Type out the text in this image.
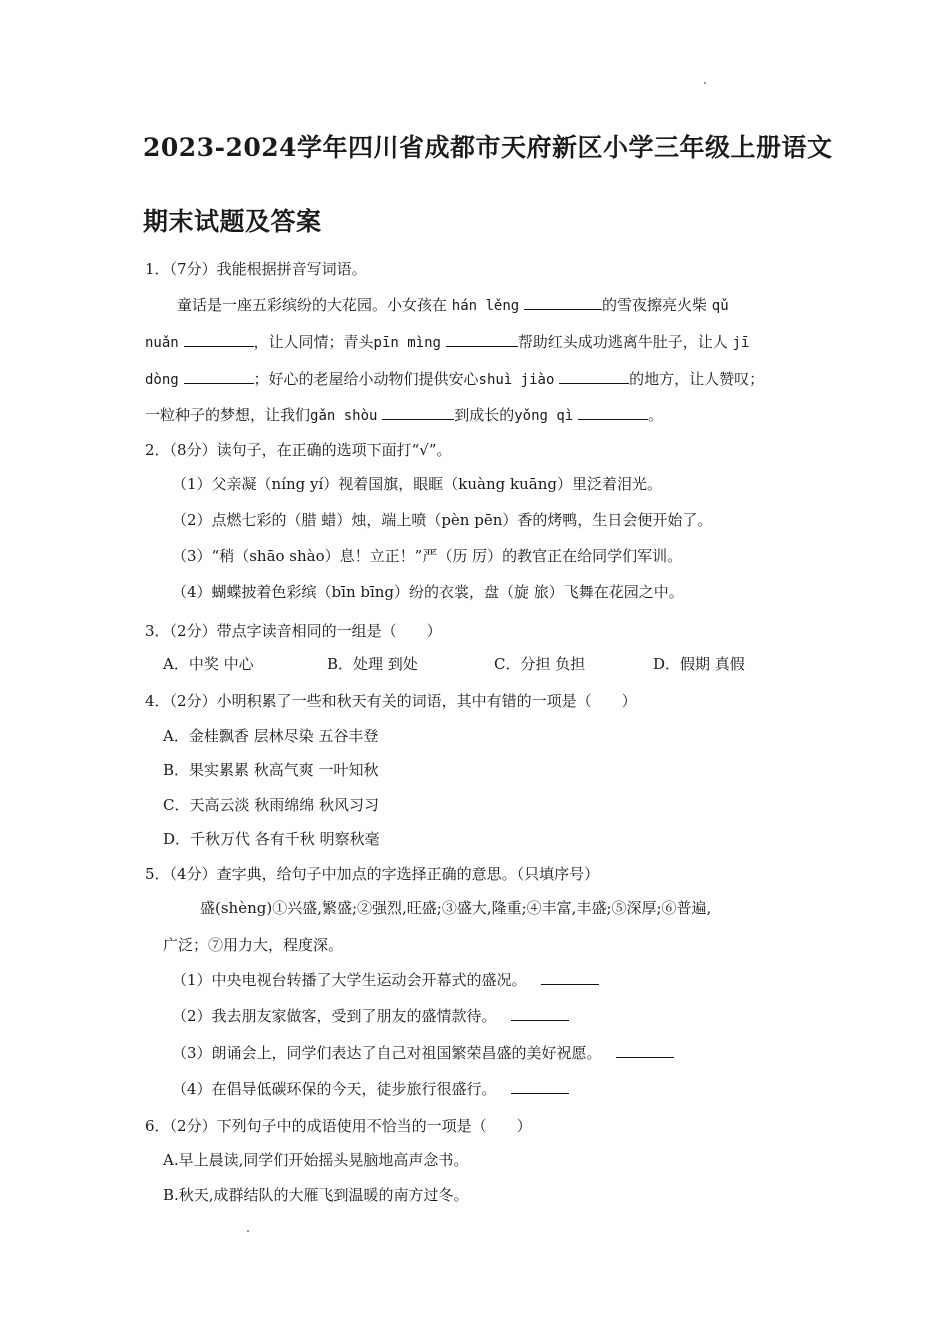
2023-2024学年四川省成都市天府新区小学三年级上册语文
期末试题及答案
1．（7分）我能根据拼音写词语。
童话是一座五彩缤纷的大花园。小女孩在 hán lěng	的雪夜擦亮火柴 qǔ
nuǎn	，让人同情；青头pīn mìng	帮助红头成功逃离牛肚子，让人 jī
dòng	；好心的老屋给小动物们提供安心shuì jiào	的地方，让人赞叹；
一粒种子的梦想，让我们gǎn shòu	到成长的yǒng qì	。
2．（8分）读句子，在正确的选项下面打“√”。
（1）父亲凝（níng yí）视着国旗，眼眶（kuàng kuāng）里泛着泪光。
（2）点燃七彩的（腊 蜡）烛，端上喷（pèn pēn）香的烤鸭，生日会便开始了。
（3）“稍（shāo shào）息！立正！”严（历 厉）的教官正在给同学们军训。
（4）蝴蝶披着色彩缤（bīn bīng）纷的衣裳，盘（旋 旅）飞舞在花园之中。
3．（2分）带点字读音相同的一组是（　　）
A．中奖 中心	B．处理 到处	C．分担 负担	D．假期 真假
4．（2分）小明积累了一些和秋天有关的词语，其中有错的一项是（　　）
A．金桂飘香 层林尽染 五谷丰登
B．果实累累 秋高气爽 一叶知秋
C．天高云淡 秋雨绵绵 秋风习习
D．千秋万代 各有千秋 明察秋毫
5．（4分）查字典，给句子中加点的字选择正确的意思。（只填序号）
盛(shèng)①兴盛,繁盛;②强烈,旺盛;③盛大,隆重;④丰富,丰盛;⑤深厚;⑥普遍,
广泛；⑦用力大，程度深。
（1）中央电视台转播了大学生运动会开幕式的盛况。
（2）我去朋友家做客，受到了朋友的盛情款待。
（3）朗诵会上，同学们表达了自己对祖国繁荣昌盛的美好祝愿。
（4）在倡导低碳环保的今天，徒步旅行很盛行。
6．（2分）下列句子中的成语使用不恰当的一项是（　　）
A.早上晨读,同学们开始摇头晃脑地高声念书。
B.秋天,成群结队的大雁飞到温暖的南方过冬。
